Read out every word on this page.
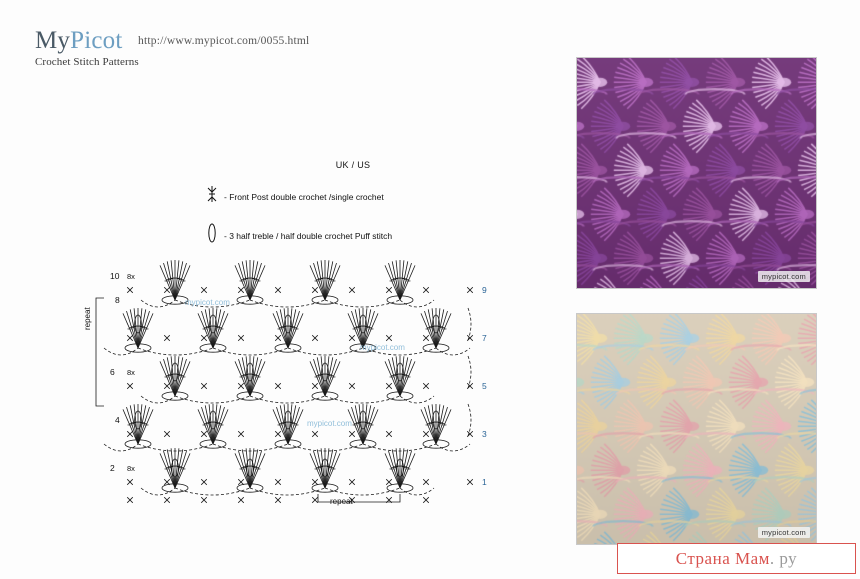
MyPicot
Crochet Stitch Patterns
http://www.mypicot.com/0055.html
UK / US
- Front Post double crochet /single crochet
- 3 half treble / half double crochet Puff stitch
9
7
5
3
1
10
8
6
4
2
8x
8x
8x
mypicot.com
mypicot.com
mypicot.com
repeat
repeat
mypicot.com
mypicot.com
Страна Мам. ру
